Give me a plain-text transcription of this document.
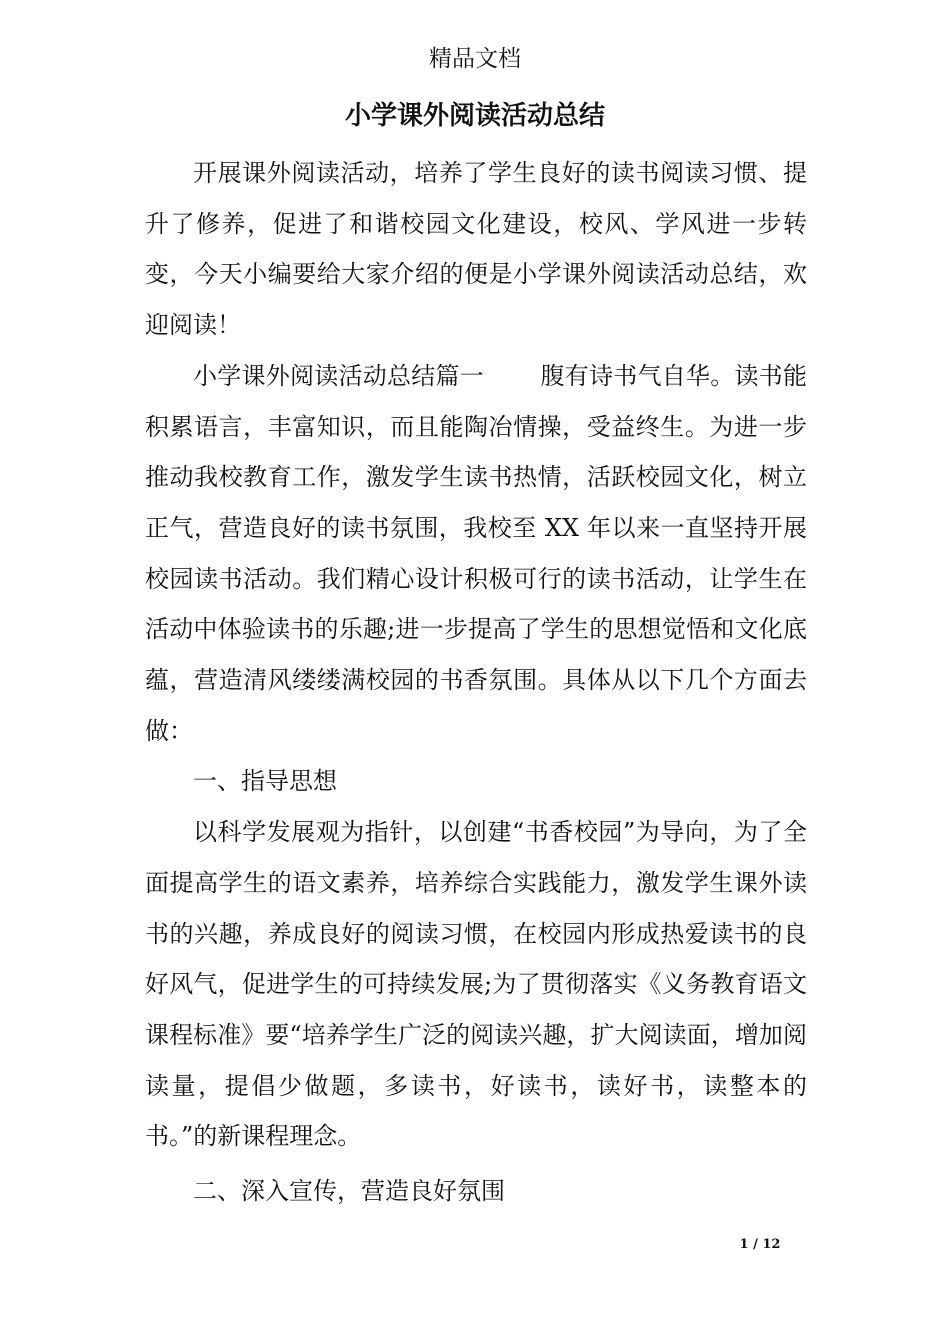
精品文档
小学课外阅读活动总结

开展课外阅读活动，培养了学生良好的读书阅读习惯、提升了修养，促进了和谐校园文化建设，校风、学风进一步转变，今天小编要给大家介绍的便是小学课外阅读活动总结，欢迎阅读！

小学课外阅读活动总结篇一　　 腹有诗书气自华。读书能积累语言，丰富知识，而且能陶冶情操，受益终生。为进一步推动我校教育工作，激发学生读书热情，活跃校园文化，树立正气，营造良好的读书氛围，我校至 XX 年以来一直坚持开展校园读书活动。我们精心设计积极可行的读书活动，让学生在活动中体验读书的乐趣;进一步提高了学生的思想觉悟和文化底蕴，营造清风缕缕满校园的书香氛围。具体从以下几个方面去做：

一、指导思想

以科学发展观为指针，以创建“书香校园”为导向，为了全面提高学生的语文素养，培养综合实践能力，激发学生课外读书的兴趣，养成良好的阅读习惯，在校园内形成热爱读书的良好风气，促进学生的可持续发展;为了贯彻落实《义务教育语文课程标准》要“培养学生广泛的阅读兴趣，扩大阅读面，增加阅读量，提倡少做题，多读书，好读书，读好书，读整本的书。”的新课程理念。

二、深入宣传，营造良好氛围

1 / 12
